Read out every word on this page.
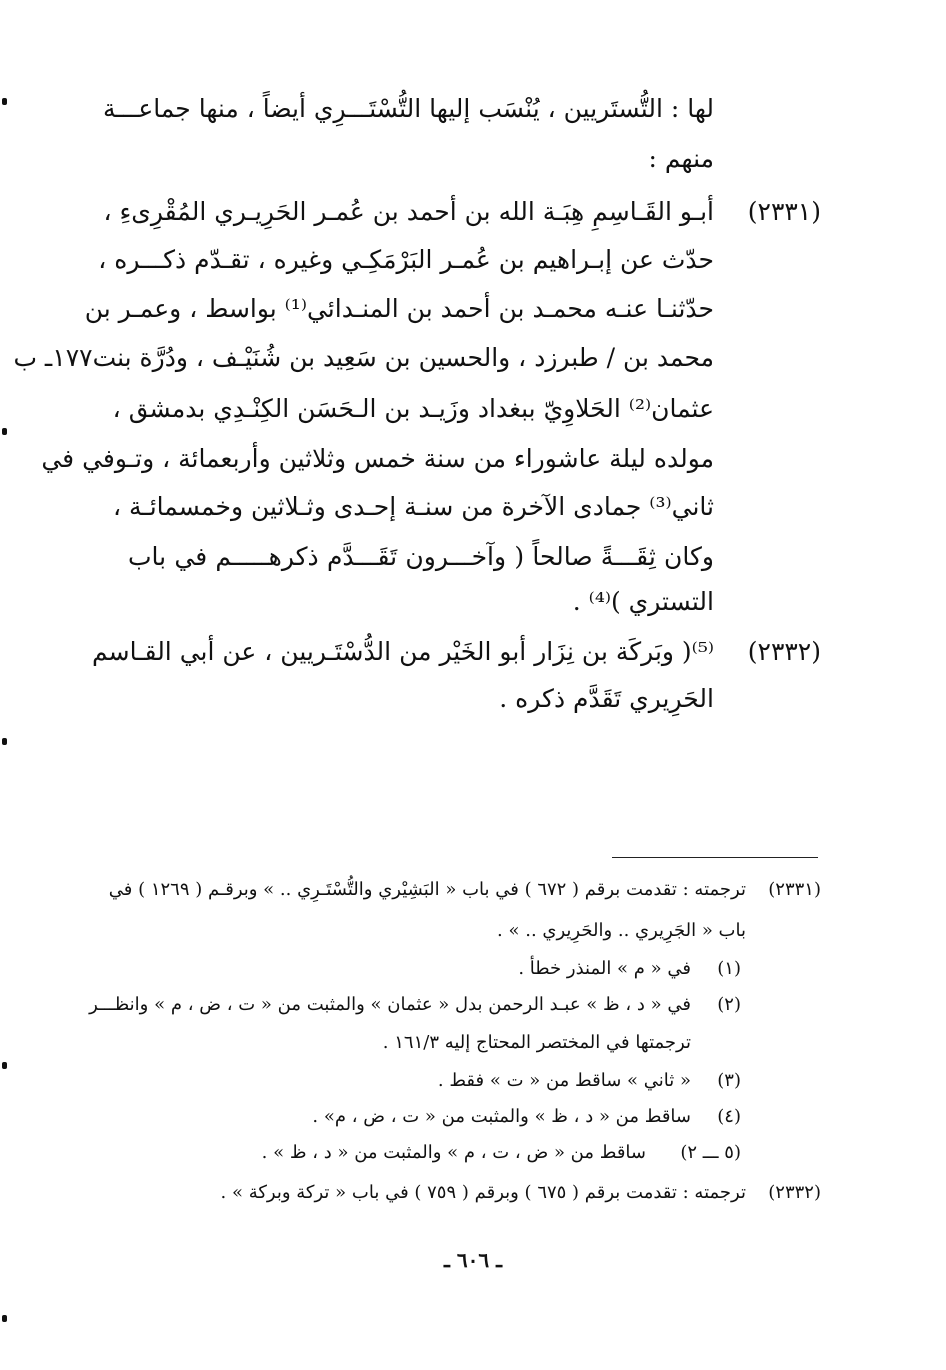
لها : التُّستَريين ، يُنْسَب إليها التُّسْتَـــرِي أيضاً ، منها جماعـــة
منهم :
(٢٣٣١)
أبـو القَـاسِمِ هِبَـة الله بن أحمد بن عُمـر الحَرِيـري المُقْرِىءِ ،
حدّث عن إبـراهيم بن عُمـر البَرْمَكِـي وغيره ، تقـدّم ذكـــره ،
حدّثنـا عنـه محمـد بن أحمد بن المنـدائي⁽¹⁾ بواسط ، وعمـر بن
محمد بن / طبرزد ، والحسين بن سَعِيد بن شُنَيْـف ، ودُرَّة بنت١٧٧ـ ب
عثمان⁽²⁾ الحَلاوِيّ ببغداد وزَيـد بن الـحَسَن الكِنْـدِي بدمشق ،
مولده ليلة عاشوراء من سنة خمس وثلاثين وأربعمائة ، وتـوفي في
ثاني⁽³⁾ جمادى الآخرة من سنـة إحـدى وثـلاثين وخمسمائـة ،
وكان ثِقَـــةً صالحاً ( وآخـــرون تَقَـــدَّم ذكرهـــــم في باب
التستري )⁽⁴⁾ .
(٢٣٣٢)
⁽⁵⁾( وبَركَة بن نِزَار أبو الخَيْر من الدُّسْتَـريين ، عن أبي القـاسم
الحَرِيري تَقَدَّم ذكره .
(٢٣٣١)
ترجمته : تقدمت برقم ( ٦٧٢ ) في باب « البَشِيْري والتُّسْتَـرِي .. » وبرقـم ( ١٢٦٩ ) في
باب « الجَرِيري .. والحَرِيري .. » .
(١)
في « م » المنذر خطأ .
(٢)
في « د ، ظ » عبـد الرحمن بدل « عثمان » والمثبت من « ت ، ض ، م » وانظـــر
ترجمتها في المختصر المحتاج إليه ١٦١/٣ .
(٣)
« ثاني » ساقط من « ت » فقط .
(٤)
ساقط من « د ، ظ » والمثبت من « ت ، ض ، م» .
(٥ ـــ ٢)
ساقط من « ض ، ت ، م » والمثبت من « د ، ظ » .
(٢٣٣٢)
ترجمته : تقدمت برقم ( ٦٧٥ ) وبرقم ( ٧٥٩ ) في باب « تركة وبركة » .
ـ ٦٠٦ ـ
